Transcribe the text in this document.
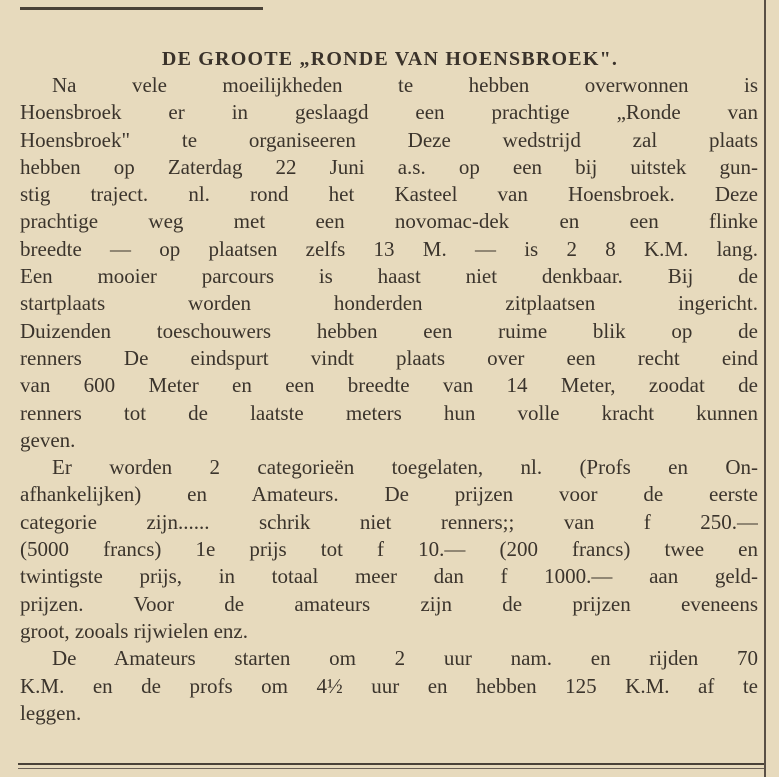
DE GROOTE „RONDE VAN HOENSBROEK".
Na vele moeilijkheden te hebben overwonnen is
Hoensbroek er in geslaagd een prachtige „Ronde van
Hoensbroek" te organiseeren Deze wedstrijd zal plaats
hebben op Zaterdag 22 Juni a.s. op een bij uitstek gun-
stig traject. nl. rond het Kasteel van Hoensbroek. Deze
prachtige weg met een novomac-dek en een flinke
breedte — op plaatsen zelfs 13 M. — is 2 8 K.M. lang.
Een mooier parcours is haast niet denkbaar. Bij de
startplaats worden honderden zitplaatsen ingericht.
Duizenden toeschouwers hebben een ruime blik op de
renners De eindspurt vindt plaats over een recht eind
van 600 Meter en een breedte van 14 Meter, zoodat de
renners tot de laatste meters hun volle kracht kunnen
geven.
Er worden 2 categorieën toegelaten, nl. (Profs en On-
afhankelijken) en Amateurs. De prijzen voor de eerste
categorie zijn...... schrik niet renners;; van f 250.—
(5000 francs) 1e prijs tot f 10.— (200 francs) twee en
twintigste prijs, in totaal meer dan f 1000.— aan geld-
prijzen. Voor de amateurs zijn de prijzen eveneens
groot, zooals rijwielen enz.
De Amateurs starten om 2 uur nam. en rijden 70
K.M. en de profs om 4½ uur en hebben 125 K.M. af te
leggen.
